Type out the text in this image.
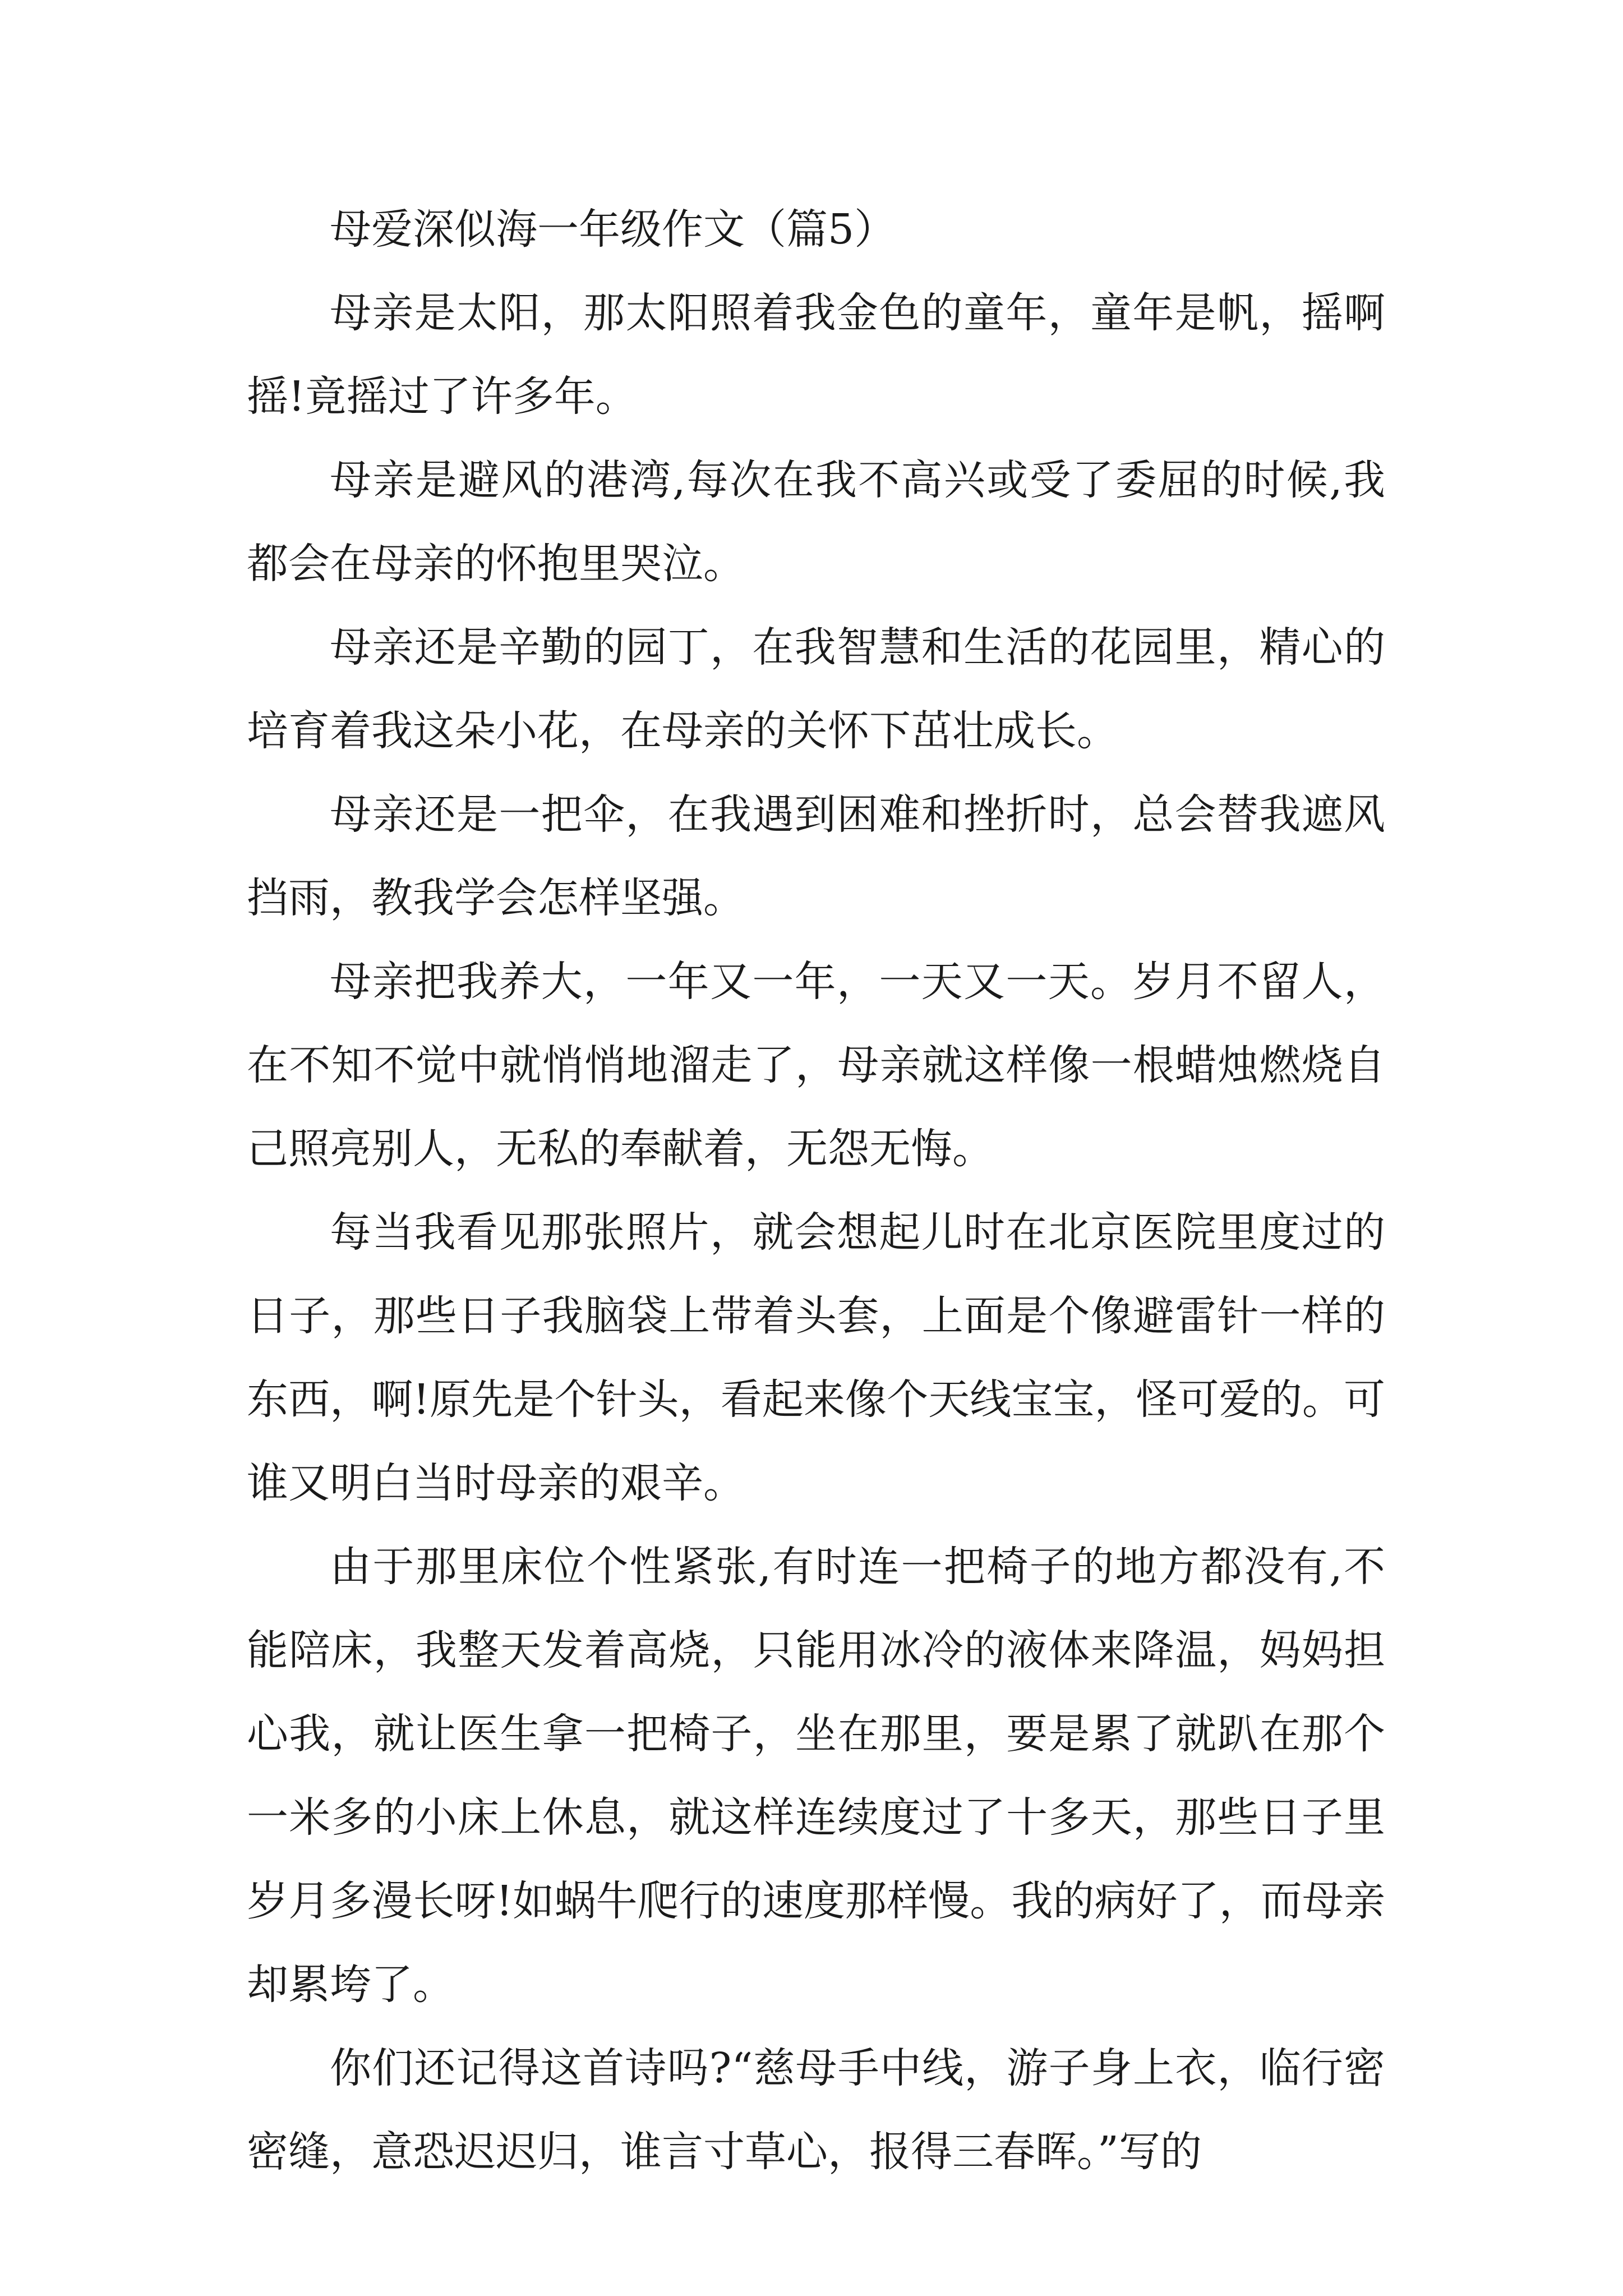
母爱深似海一年级作文（篇5）

母亲是太阳，那太阳照着我金色的童年，童年是帆，摇啊摇!竟摇过了许多年。

母亲是避风的港湾,每次在我不高兴或受了委屈的时候,我都会在母亲的怀抱里哭泣。

母亲还是辛勤的园丁，在我智慧和生活的花园里，精心的培育着我这朵小花，在母亲的关怀下茁壮成长。

母亲还是一把伞，在我遇到困难和挫折时，总会替我遮风挡雨，教我学会怎样坚强。

母亲把我养大，一年又一年，一天又一天。岁月不留人，在不知不觉中就悄悄地溜走了，母亲就这样像一根蜡烛燃烧自己照亮别人，无私的奉献着，无怨无悔。

每当我看见那张照片，就会想起儿时在北京医院里度过的日子，那些日子我脑袋上带着头套，上面是个像避雷针一样的东西，啊!原先是个针头，看起来像个天线宝宝，怪可爱的。可谁又明白当时母亲的艰辛。

由于那里床位个性紧张,有时连一把椅子的地方都没有,不能陪床，我整天发着高烧，只能用冰冷的液体来降温，妈妈担心我，就让医生拿一把椅子，坐在那里，要是累了就趴在那个一米多的小床上休息，就这样连续度过了十多天，那些日子里岁月多漫长呀!如蜗牛爬行的速度那样慢。我的病好了，而母亲却累垮了。

你们还记得这首诗吗?“慈母手中线，游子身上衣，临行密密缝，意恐迟迟归，谁言寸草心，报得三春晖。”写的
